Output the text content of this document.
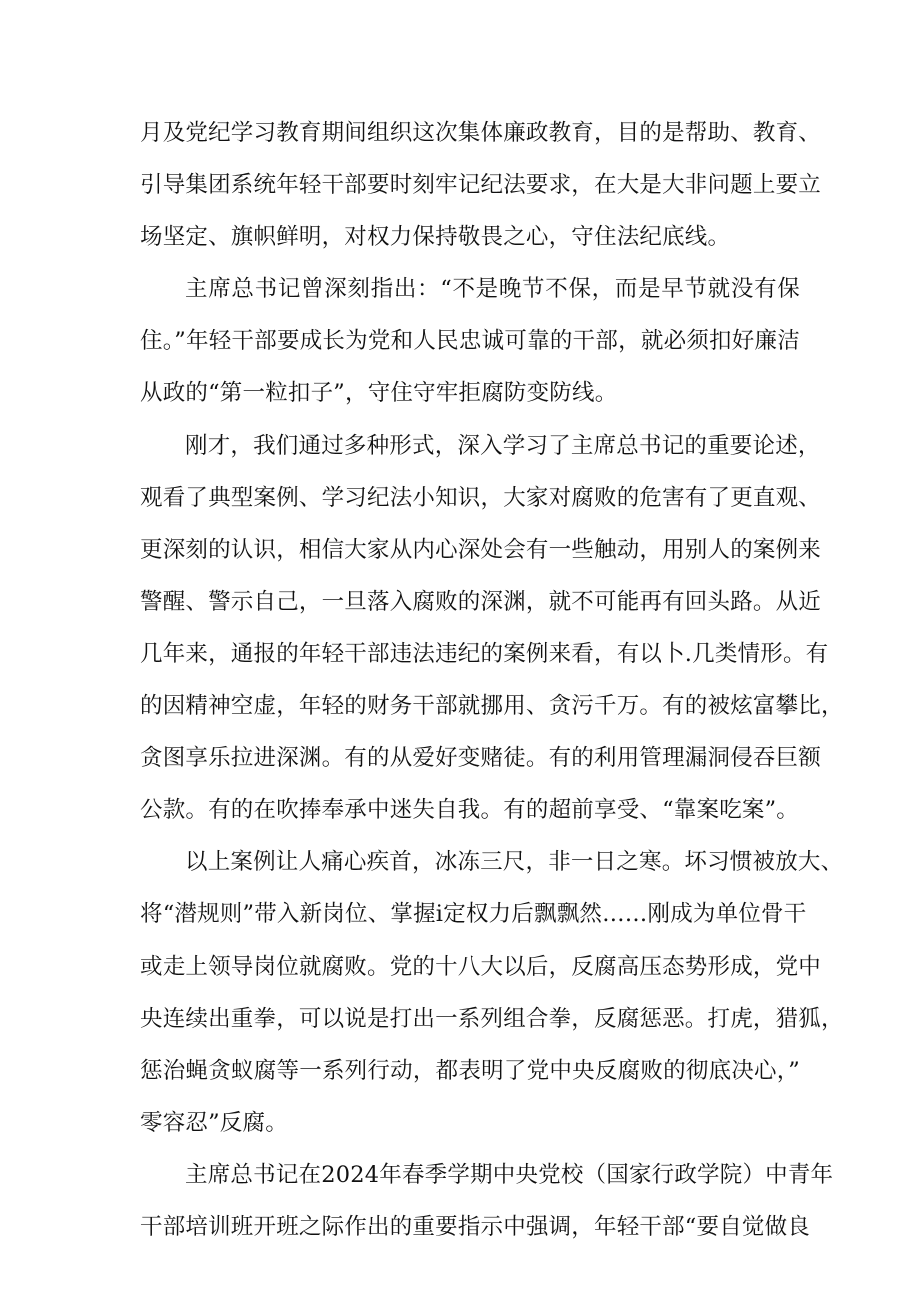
月及党纪学习教育期间组织这次集体廉政教育，目的是帮助、教育、
引导集团系统年轻干部要时刻牢记纪法要求，在大是大非问题上要立
场坚定、旗帜鲜明，对权力保持敬畏之心，守住法纪底线。
主席总书记曾深刻指出：“不是晚节不保，而是早节就没有保
住。”年轻干部要成长为党和人民忠诚可靠的干部，就必须扣好廉洁
从政的“第一粒扣子”，守住守牢拒腐防变防线。
刚才，我们通过多种形式，深入学习了主席总书记的重要论述，
观看了典型案例、学习纪法小知识，大家对腐败的危害有了更直观、
更深刻的认识，相信大家从内心深处会有一些触动，用别人的案例来
警醒、警示自己，一旦落入腐败的深渊，就不可能再有回头路。从近
几年来，通报的年轻干部违法违纪的案例来看，有以卜.几类情形。有
的因精神空虚，年轻的财务干部就挪用、贪污千万。有的被炫富攀比，
贪图享乐拉进深渊。有的从爱好变赌徒。有的利用管理漏洞侵吞巨额
公款。有的在吹捧奉承中迷失自我。有的超前享受、“靠案吃案”。
以上案例让人痛心疾首，冰冻三尺，非一日之寒。坏习惯被放大、
将“潜规则”带入新岗位、掌握i定权力后飘飘然……刚成为单位骨干
或走上领导岗位就腐败。党的十八大以后，反腐高压态势形成，党中
央连续出重拳，可以说是打出一系列组合拳，反腐惩恶。打虎，猎狐，
惩治蝇贪蚁腐等一系列行动，都表明了党中央反腐败的彻底决心，”
零容忍”反腐。
主席总书记在2024年春季学期中央党校（国家行政学院）中青年
干部培训班开班之际作出的重要指示中强调，年轻干部“要自觉做良
